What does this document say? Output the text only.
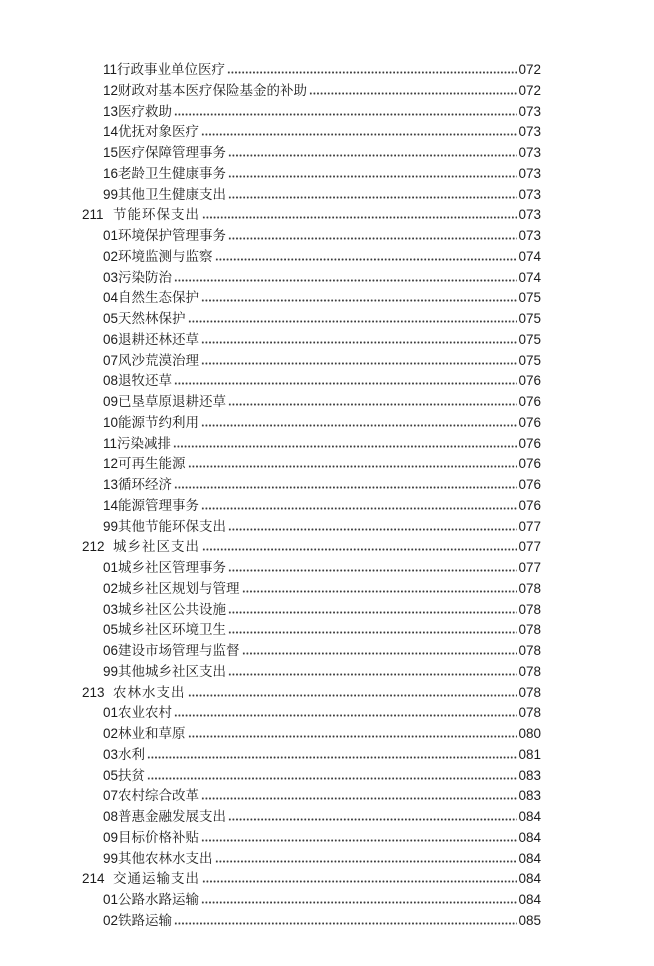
11行政事业单位医疗	072
12财政对基本医疗保险基金的补助	072
13医疗救助	073
14优抚对象医疗	073
15医疗保障管理事务	073
16老龄卫生健康事务	073
99其他卫生健康支出	073
211 节能环保支出	073
01环境保护管理事务	073
02环境监测与监察	074
03污染防治	074
04自然生态保护	075
05天然林保护	075
06退耕还林还草	075
07风沙荒漠治理	075
08退牧还草	076
09已垦草原退耕还草	076
10能源节约利用	076
11污染减排	076
12可再生能源	076
13循环经济	076
14能源管理事务	076
99其他节能环保支出	077
212 城乡社区支出	077
01城乡社区管理事务	077
02城乡社区规划与管理	078
03城乡社区公共设施	078
05城乡社区环境卫生	078
06建设市场管理与监督	078
99其他城乡社区支出	078
213 农林水支出	078
01农业农村	078
02林业和草原	080
03水利	081
05扶贫	083
07农村综合改革	083
08普惠金融发展支出	084
09目标价格补贴	084
99其他农林水支出	084
214 交通运输支出	084
01公路水路运输	084
02铁路运输	085
